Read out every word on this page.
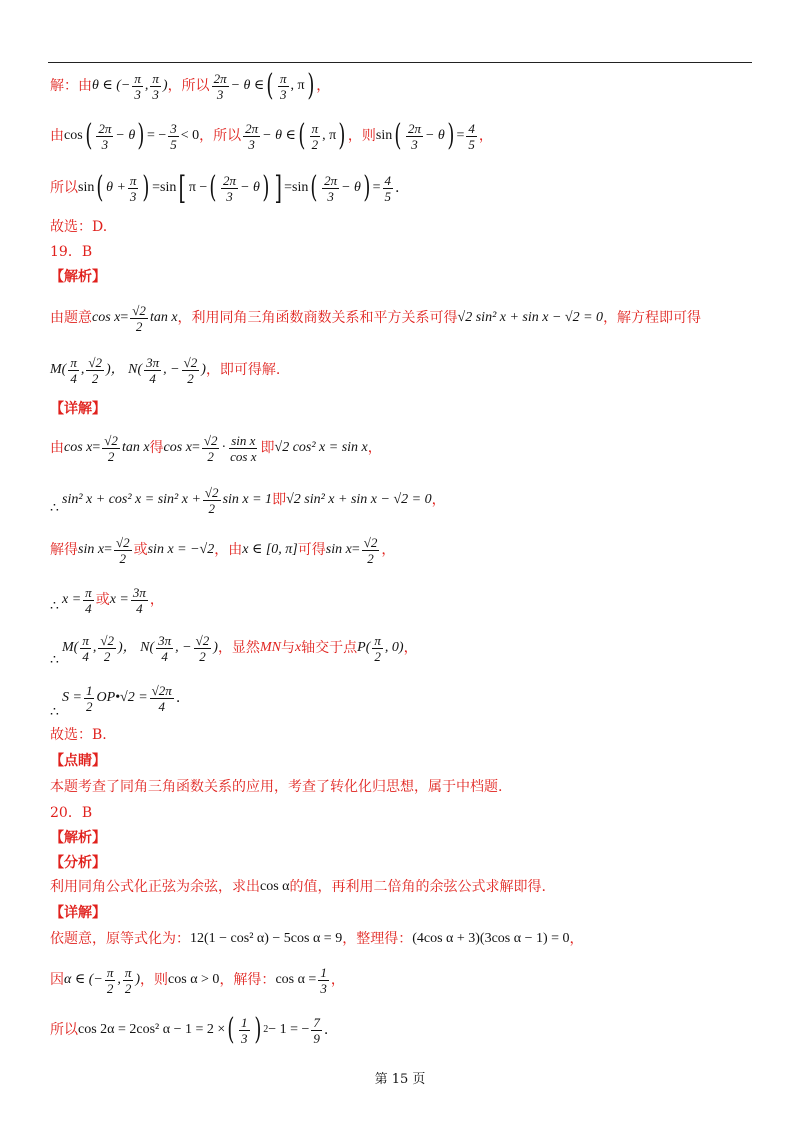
解：由 θ ∈ (− $\frac{\pi}{3}$ , $\frac{\pi}{3}$ ) ，所以 $\frac{2\pi}{3} - \theta$ ∈ ( $\frac{\pi}{3}$ , π ) ，
由 cos ( $\frac{2\pi}{3} - \theta$ ) = − $\frac{3}{5} < 0$ ，所以 $\frac{2\pi}{3} - \theta$ ∈ ( $\frac{\pi}{2}$ , π ) ，则 sin ( $\frac{2\pi}{3} - \theta$ ) = $\frac{4}{5}$ ，
所以 sin ( $\theta + \frac{\pi}{3}$ ) = sin [ π − ( $\frac{2\pi}{3} - \theta$ ) ] = sin ( $\frac{2\pi}{3} - \theta$ ) = $\frac{4}{5}$ .
故选：D.
19．B
【解析】
由题意 $\cos x = \frac{√2}{2}$ tan x ，利用同角三角函数商数关系和平方关系可得 √2 sin² x + sin x − √2 = 0 ，解方程即可得
$M( \frac{\pi}{4}$ , $\frac{√2}{2}$ )， $N( \frac{3\pi}{4}$ , − $\frac{√2}{2}$ ) ，即可得解.
【详解】
由 $\cos x = \frac{√2}{2}$ tan x 得 $\cos x = \frac{√2}{2} \cdot \frac{\text{sin x}}{\text{cos x}}$ 即 √2 cos² x = sin x ，
∴
sin² x + cos² x = sin² $x + \frac{√2}{2}$ sin x = 1 即 √2 sin² x + sin x − √2 = 0 ，
解得 $\sin x = \frac{√2}{2}$ 或 sin x = −√2 ，由 x ∈ [0, π] 可得 $\sin x = \frac{√2}{2}$ ，
∴ $x = \frac{\pi}{4}$ 或 $x = \frac{3\pi}{4}$ ，
∴
$M( \frac{\pi}{4}$ , $\frac{√2}{2}$ )， $N( \frac{3\pi}{4}$ , − $\frac{√2}{2}$ ) ，显然 MN 与 x 轴交于点 $P( \frac{\pi}{2}$ , 0) ，
∴
$S = \frac{1}{2}$ OP•√2 = $\frac{√2\pi}{4}$ .
故选：B.
【点睛】
本题考查了同角三角函数关系的应用，考查了转化化归思想，属于中档题.
20．B
【解析】
【分析】
利用同角公式化正弦为余弦，求出 cos α 的值，再利用二倍角的余弦公式求解即得.
【详解】
依题意，原等式化为： 12(1 − cos² α) − 5cos α = 9 ，整理得： (4cos α + 3)(3cos α − 1) = 0 ，
因 α ∈ (− $\frac{\pi}{2}$ , $\frac{\pi}{2}$ ) ，则 cos α > 0 ，解得： $\cos \alpha = \frac{1}{3}$ ，
所以 cos 2α = 2cos² α − 1 = 2 × ( $\frac{1}{3}$ ) 2 − 1 = − $\frac{7}{9}$ .
第 15 页
